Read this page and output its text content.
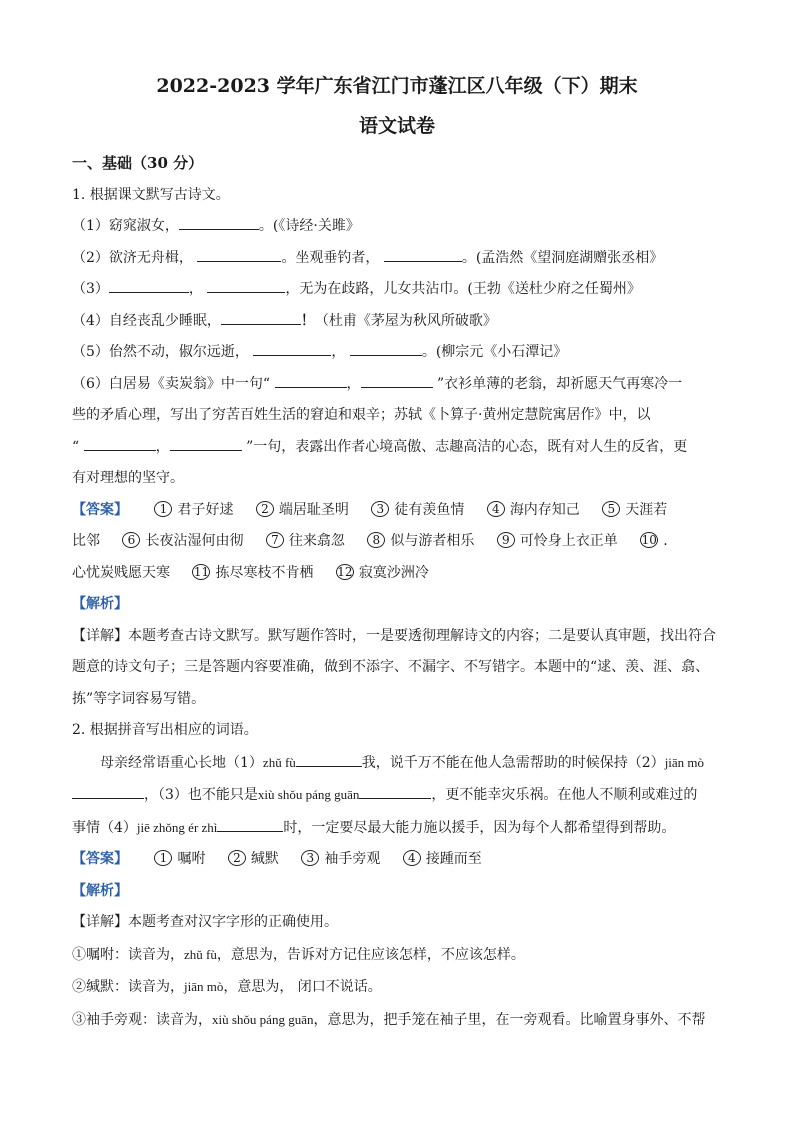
2022-2023 学年广东省江门市蓬江区八年级（下）期末

语文试卷

一、基础（30 分）

1. 根据课文默写古诗文。

（1）窈窕淑女，	。(《诗经·关雎》

（2）欲济无舟楫，	。坐观垂钓者，	。(孟浩然《望洞庭湖赠张丞相》

（3）	，	，无为在歧路，儿女共沾巾。(王勃《送杜少府之任蜀州》

（4）自经丧乱少睡眠，	！（杜甫《茅屋为秋风所破歌》

（5）佁然不动，俶尔远逝，	，	。(柳宗元《小石潭记》

（6）白居易《卖炭翁》中一句“	，	”衣衫单薄的老翁，却祈愿天气再寒冷一

些的矛盾心理，写出了穷苦百姓生活的窘迫和艰辛；苏轼《卜算子·黄州定慧院寓居作》中，以

“	，	”一句，表露出作者心境高傲、志趣高洁的心态，既有对人生的反省，更

有对理想的坚守。

【答案】	1 君子好逑 2 端居耻圣明 3 徒有羡鱼情 4 海内存知己 5 天涯若

比邻 6 长夜沾湿何由彻 7 往来翕忽 8 似与游者相乐 9 可怜身上衣正单 10 .

心忧炭贱愿天寒 11 拣尽寒枝不肯栖 12 寂寞沙洲冷

【解析】

【详解】本题考查古诗文默写。默写题作答时，一是要透彻理解诗文的内容；二是要认真审题，找出符合

题意的诗文句子；三是答题内容要准确，做到不添字、不漏字、不写错字。本题中的“逑、羡、涯、翕、

拣”等字词容易写错。

2. 根据拼音写出相应的词语。

母亲经常语重心长地（1）zhǔ fù	我，说千万不能在他人急需帮助的时候保持（2）jiān mò

，（3）也不能只是xiù shǒu páng guān	，更不能幸灾乐祸。在他人不顺利或难过的

事情（4）jiē zhǒng ér zhì	时，一定要尽最大能力施以援手，因为每个人都希望得到帮助。

【答案】	1 嘱咐 2 缄默 3 袖手旁观 4 接踵而至

【解析】

【详解】本题考查对汉字字形的正确使用。

①嘱咐：读音为，zhǔ fù，意思为，告诉对方记住应该怎样，不应该怎样。

②缄默：读音为，jiān mò，意思为， 闭口不说话。

③袖手旁观：读音为，xiù shǒu páng guān，意思为，把手笼在袖子里，在一旁观看。比喻置身事外、不帮
